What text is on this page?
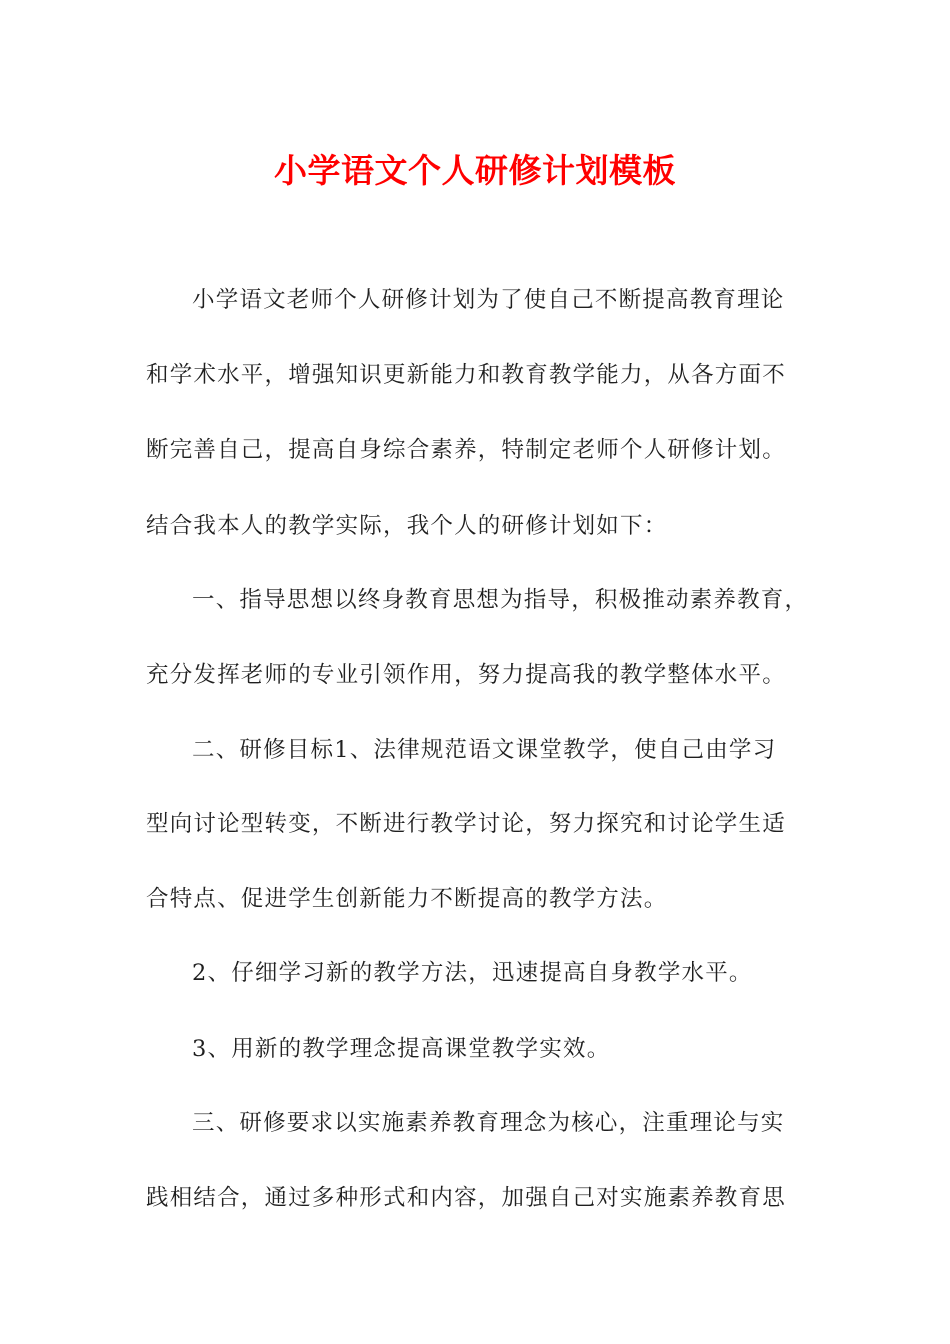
小学语文个人研修计划模板
小学语文老师个人研修计划为了使自己不断提高教育理论
和学术水平，增强知识更新能力和教育教学能力，从各方面不
断完善自己，提高自身综合素养，特制定老师个人研修计划。
结合我本人的教学实际，我个人的研修计划如下：
一、指导思想以终身教育思想为指导，积极推动素养教育，
充分发挥老师的专业引领作用，努力提高我的教学整体水平。
二、研修目标1、法律规范语文课堂教学，使自己由学习
型向讨论型转变，不断进行教学讨论，努力探究和讨论学生适
合特点、促进学生创新能力不断提高的教学方法。
2、仔细学习新的教学方法，迅速提高自身教学水平。
3、用新的教学理念提高课堂教学实效。
三、研修要求以实施素养教育理念为核心，注重理论与实
践相结合，通过多种形式和内容，加强自己对实施素养教育思
